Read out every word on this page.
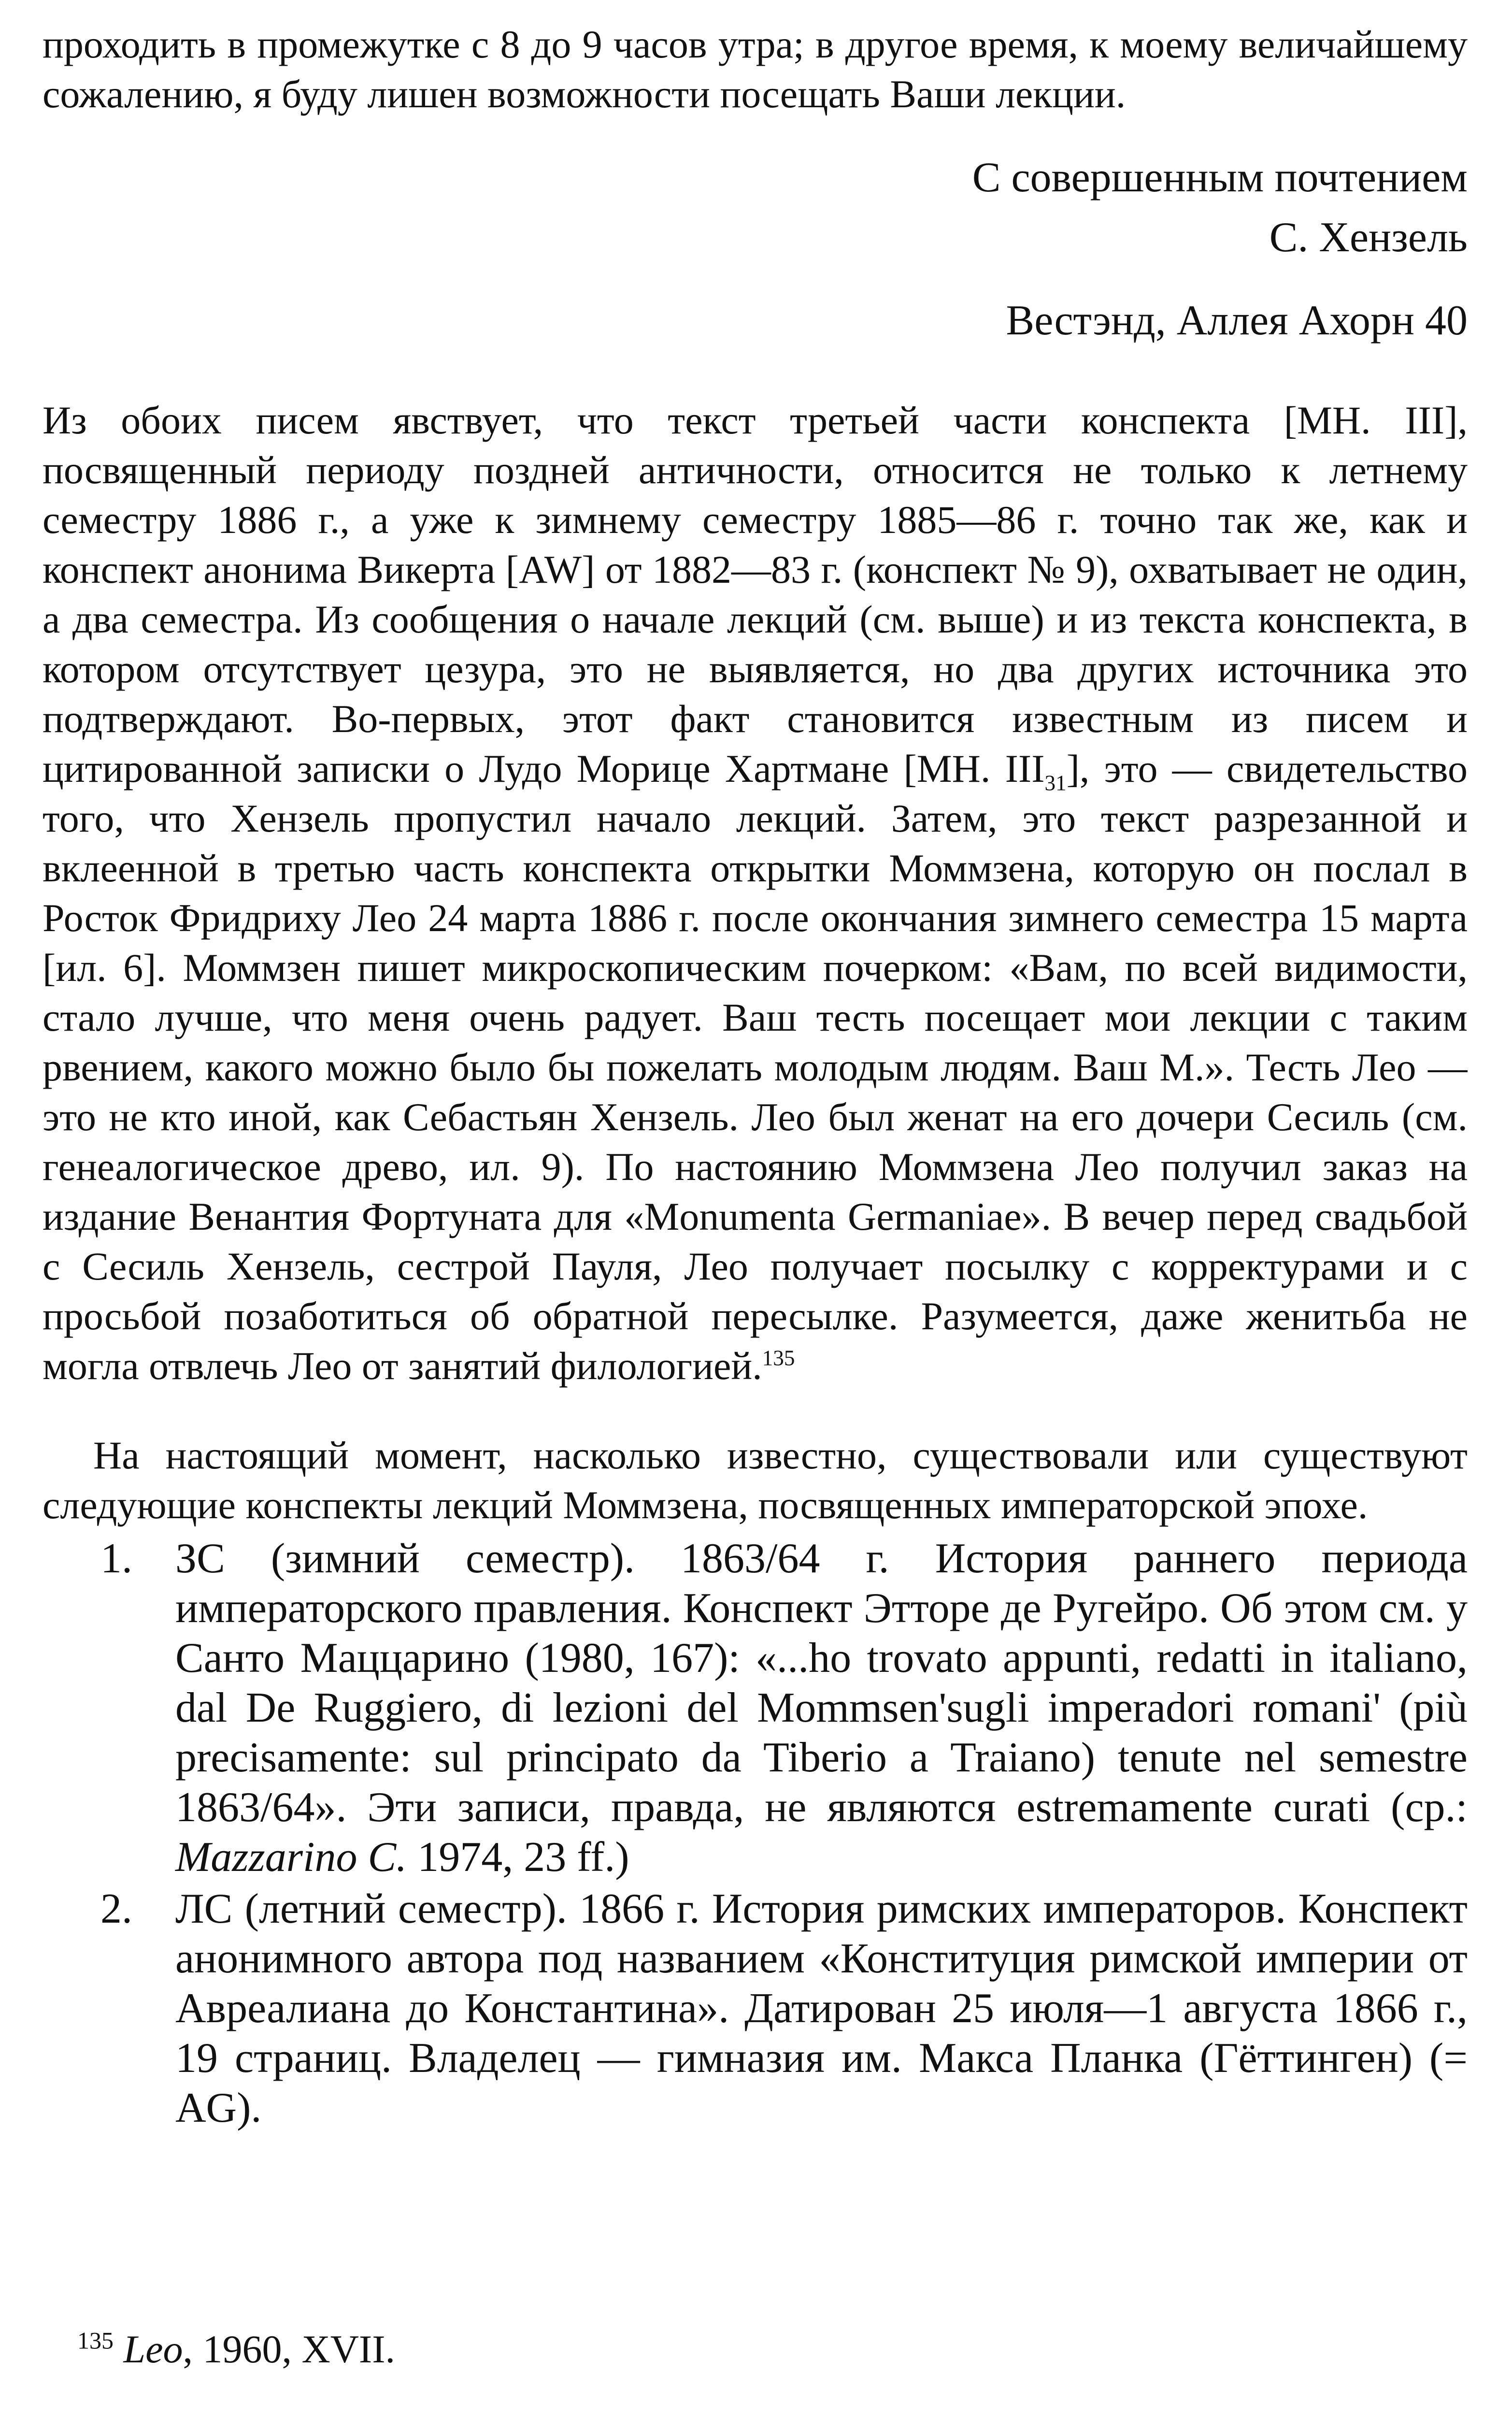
проходить в промежутке с 8 до 9 часов утра; в другое время, к моему величайшему сожалению, я буду лишен возможности посещать Ваши лекции.

С совершенным почтением

С. Хензель

Вестэнд, Аллея Ахорн 40

Из обоих писем явствует, что текст третьей части конспекта [МН. III], посвященный периоду поздней античности, относится не только к летнему семестру 1886 г., а уже к зимнему семестру 1885—86 г. точно так же, как и конспект анонима Викерта [AW] от 1882—83 г. (конспект № 9), охватывает не один, а два семестра. Из сообщения о начале лекций (см. выше) и из текста конспекта, в котором отсутствует цезура, это не выявляется, но два других источника это подтверждают. Во-первых, этот факт становится известным из писем и цитированной записки о Лудо Морице Хартмане [МН. $III_{31}$], это — свидетельство того, что Хензель пропустил начало лекций. Затем, это текст разрезанной и вклеенной в третью часть конспекта открытки Моммзена, которую он послал в Росток Фридриху Лео 24 марта 1886 г. после окончания зимнего семестра 15 марта [ил. 6]. Моммзен пишет микроскопическим почерком: «Вам, по всей видимости, стало лучше, что меня очень радует. Ваш тесть посещает мои лекции с таким рвением, какого можно было бы пожелать молодым людям. Ваш М.». Тесть Лео — это не кто иной, как Себастьян Хензель. Лео был женат на его дочери Сесиль (см. генеалогическое древо, ил. 9). По настоянию Моммзена Лео получил заказ на издание Венантия Фортуната для «Monumenta Germaniae». В вечер перед свадьбой с Сесиль Хензель, сестрой Пауля, Лео получает посылку с корректурами и с просьбой позаботиться об обратной пересылке. Разумеется, даже женитьба не могла отвлечь Лео от занятий филологией.$^{135}$

На настоящий момент, насколько известно, существовали или существуют следующие конспекты лекций Моммзена, посвященных императорской эпохе.

1.	ЗС (зимний семестр). 1863/64 г. История раннего периода императорского правления. Конспект Этторе де Ругейро. Об этом см. у Санто Маццарино (1980, 167): «...ho trovato appunti, redatti in italiano, dal De Ruggiero, di lezioni del Mommsen'sugli imperadori romani' (più precisamente: sul principato da Tiberio a Traiano) tenute nel semestre 1863/64». Эти записи, правда, не являются estremamente curati (ср.: Mazzarino С. 1974, 23 ff.)
2.	ЛС (летний семестр). 1866 г. История римских императоров. Конспект анонимного автора под названием «Конституция римской империи от Авреалиана до Константина». Датирован 25 июля—1 августа 1866 г., 19 страниц. Владелец — гимназия им. Макса Планка (Гёттинген) (= AG).
$^{135}$ Leo, 1960, XVII.
